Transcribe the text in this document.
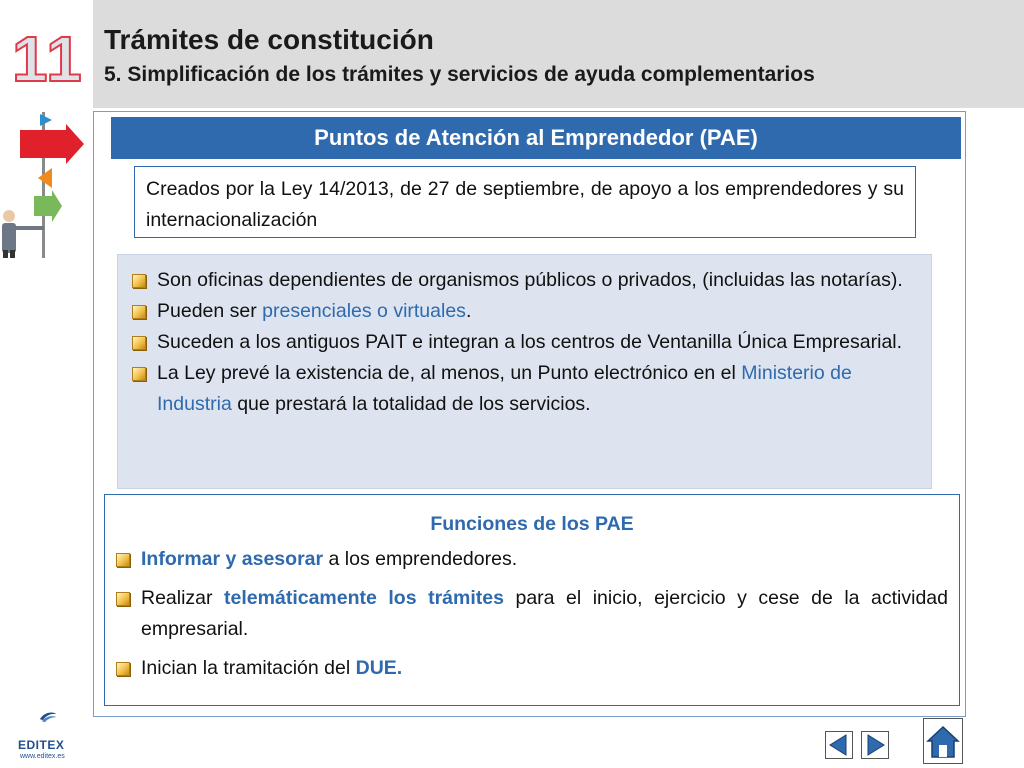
11 Trámites de constitución
5. Simplificación de los trámites y servicios de ayuda complementarios
Puntos de Atención al Emprendedor (PAE)
Creados por la Ley 14/2013, de 27 de septiembre, de apoyo a los emprendedores y su internacionalización
Son oficinas dependientes de organismos públicos o privados, (incluidas las notarías).
Pueden ser presenciales o virtuales.
Suceden a los antiguos PAIT e integran a los centros de Ventanilla Única Empresarial.
La Ley prevé la existencia de, al menos, un Punto electrónico en el Ministerio de Industria que prestará la totalidad de los servicios.
Funciones de los PAE
Informar y asesorar a los emprendedores.
Realizar telemáticamente los trámites para el inicio, ejercicio y cese de la actividad empresarial.
Inician la tramitación del DUE.
EDITEX
www.editex.es
